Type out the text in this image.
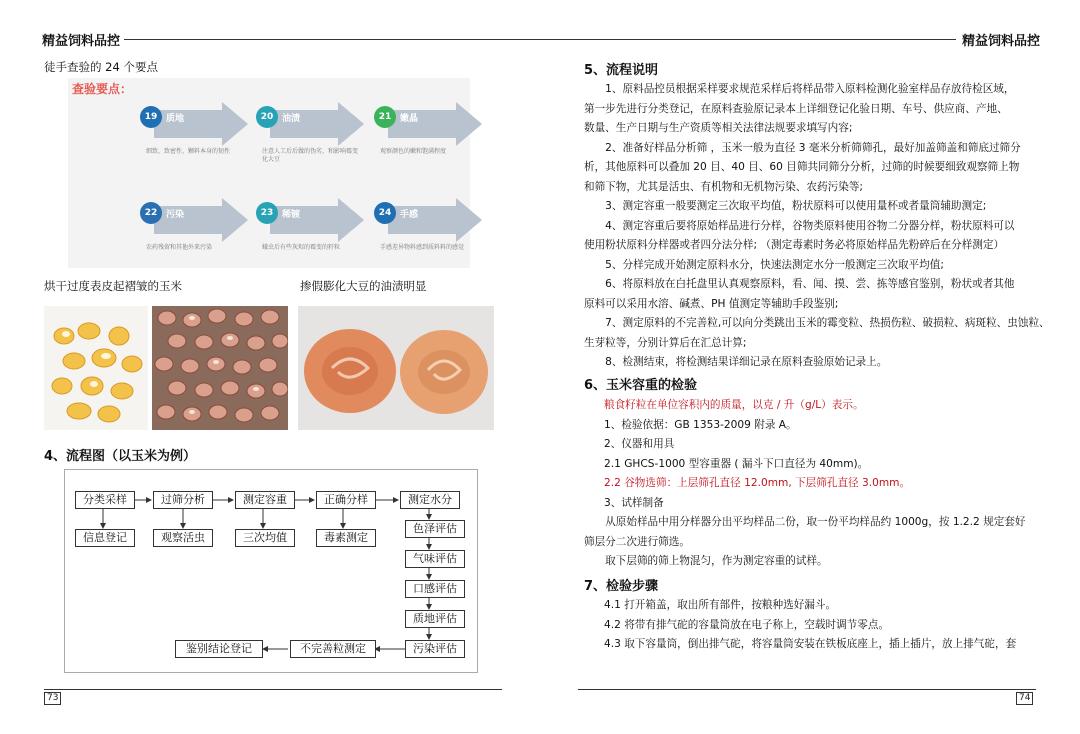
精益饲料品控	精益饲料品控
徒手查验的 24 个要点
查验要点：
19 质地
细致、致密性、颗料本身的韧性
20 油渍
注意人工后后做的伪劣，和影响霉变化大豆
21 嫩晶
观察颜色的嫩和饱满程度
22 污染
农药残留和其他外来污染
23 稀镀
蛾虫后有些灰烬的霉变的籽粒
24 手感
手感差异物料感到质料料的感觉
烘干过度表皮起褶皱的玉米	掺假膨化大豆的油渍明显
4、流程图（以玉米为例）
分类采样	过筛分析	测定容重	正确分样	测定水分
信息登记	观察活虫	三次均值	毒素测定
色泽评估
气味评估
口感评估
质地评估
污染评估
不完善粒测定
鉴别结论登记
73
5、流程说明
　　1、原料品控员根据采样要求规范采样后将样品带入原料检测化验室样品存放待检区域，
第一步先进行分类登记，在原料查验原记录本上详细登记化验日期、车号、供应商、产地、
数量、生产日期与生产资质等相关法律法规要求填写内容;
　　2、准备好样品分析筛 ，玉米一般为直径 3 毫米分析筛筛孔，最好加盖筛盖和筛底过筛分
析，其他原料可以叠加 20 目、40 目、60 目筛共同筛分分析，过筛的时候要细致观察筛上物
和筛下物，尤其是活虫、有机物和无机物污染、农药污染等;
　　3、测定容重一般要测定三次取平均值，粉状原料可以使用量杯或者量筒辅助测定;
　　4、测定容重后要将原始样品进行分样，谷物类原料使用谷物二分器分样，粉状原料可以
使用粉状原料分样器或者四分法分样; （测定毒素时务必将原始样品先粉碎后在分样测定）
　　5、分样完成开始测定原料水分，快速法测定水分一般测定三次取平均值;
　　6、将原料放在白托盘里认真观察原料，看、闻、摸、尝、拣等感官鉴别，粉状或者其他
原料可以采用水溶、碱煮、PH 值测定等辅助手段鉴别;
　　7、测定原料的不完善粒,可以向分类跳出玉米的霉变粒、热损伤粒、破损粒、病斑粒、虫蚀粒、
生芽粒等，分别计算后在汇总计算;
　　8、检测结束，将检测结果详细记录在原料查验原始记录上。
6、玉米容重的检验
粮食籽粒在单位容积内的质量，以克 / 升（g/L）表示。
1、检验依据：GB 1353-2009 附录 A。
2、仪器和用具
2.1 GHCS-1000 型容重器 ( 漏斗下口直径为 40mm)。
2.2 谷物选筛：上层筛孔直径 12.0mm, 下层筛孔直径 3.0mm。
3、试样制备
　　从原始样品中用分样器分出平均样品二份，取一份平均样品约 1000g，按 1.2.2 规定套好
筛层分二次进行筛选。
　　取下层筛的筛上物混匀，作为测定容重的试样。
7、检验步骤
4.1 打开箱盖，取出所有部件，按粮种选好漏斗。
4.2 将带有排气砣的容量筒放在电子称上，空载时调节零点。
4.3 取下容量筒，倒出排气砣，将容量筒安装在铁板底座上，插上插片，放上排气砣，套
74
